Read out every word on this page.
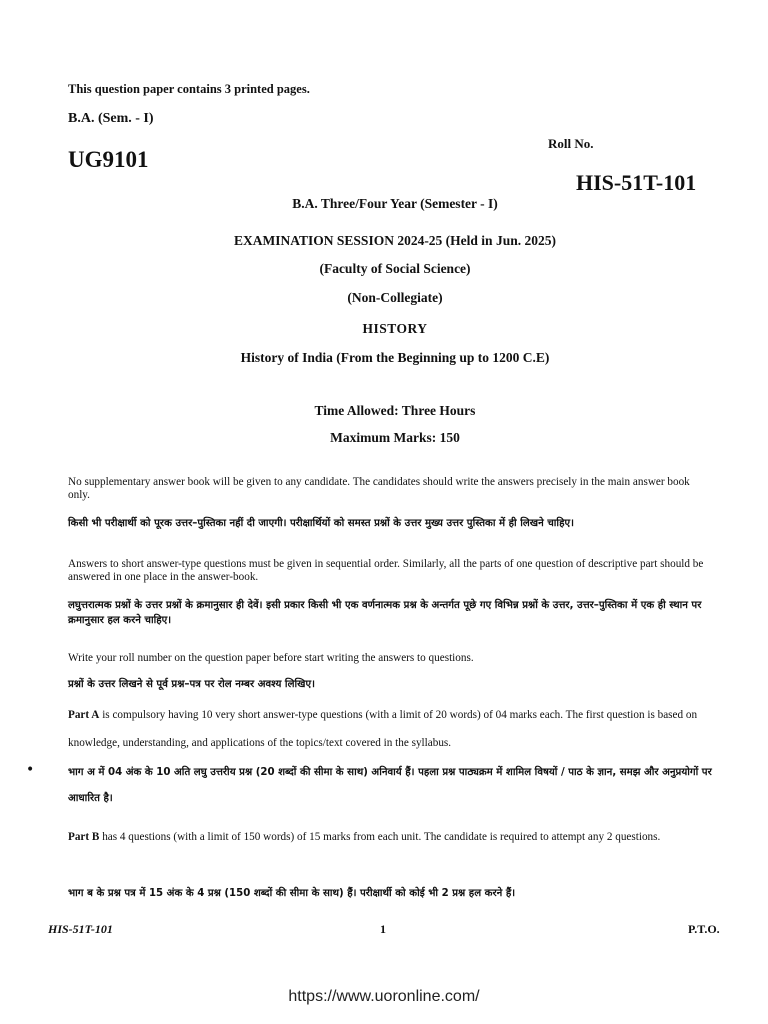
This question paper contains 3 printed pages.
B.A. (Sem. - I)
UG9101
Roll No.
HIS-51T-101
B.A. Three/Four Year (Semester - I)
EXAMINATION SESSION 2024-25 (Held in Jun. 2025)
(Faculty of Social Science)
(Non-Collegiate)
HISTORY
History of India (From the Beginning up to 1200 C.E)
Time Allowed: Three Hours
Maximum Marks: 150
No supplementary answer book will be given to any candidate. The candidates should write the answers precisely in the main answer book only.
किसी भी परीक्षार्थी को पूरक उत्तर–पुस्तिका नहीं दी जाएगी। परीक्षार्थियों को समस्त प्रश्नों के उत्तर मुख्य उत्तर पुस्तिका में ही लिखने चाहिए।
Answers to short answer-type questions must be given in sequential order. Similarly, all the parts of one question of descriptive part should be answered in one place in the answer-book.
लघुत्तरात्मक प्रश्नों के उत्तर प्रश्नों के क्रमानुसार ही देवें। इसी प्रकार किसी भी एक वर्णनात्मक प्रश्न के अन्तर्गत पूछे गए विभिन्न प्रश्नों के उत्तर, उत्तर–पुस्तिका में एक ही स्थान पर क्रमानुसार हल करने चाहिए।
Write your roll number on the question paper before start writing the answers to questions.
प्रश्नों के उत्तर लिखने से पूर्व प्रश्न–पत्र पर रोल नम्बर अवश्य लिखिए।
Part A is compulsory having 10 very short answer-type questions (with a limit of 20 words) of 04 marks each. The first question is based on knowledge, understanding, and applications of the topics/text covered in the syllabus.
•	भाग अ में 04 अंक के 10 अति लघु उत्तरीय प्रश्न (20 शब्दों की सीमा के साथ) अनिवार्य हैं। पहला प्रश्न पाठ्यक्रम में शामिल विषयों / पाठ के ज्ञान, समझ और अनुप्रयोगों पर आधारित है।
Part B has 4 questions (with a limit of 150 words) of 15 marks from each unit. The candidate is required to attempt any 2 questions.
भाग ब के प्रश्न पत्र में 15 अंक के 4 प्रश्न (150 शब्दों की सीमा के साथ) हैं। परीक्षार्थी को कोई भी 2 प्रश्न हल करने हैं।
HIS-51T-101	1	P.T.O.
https://www.uoronline.com/
